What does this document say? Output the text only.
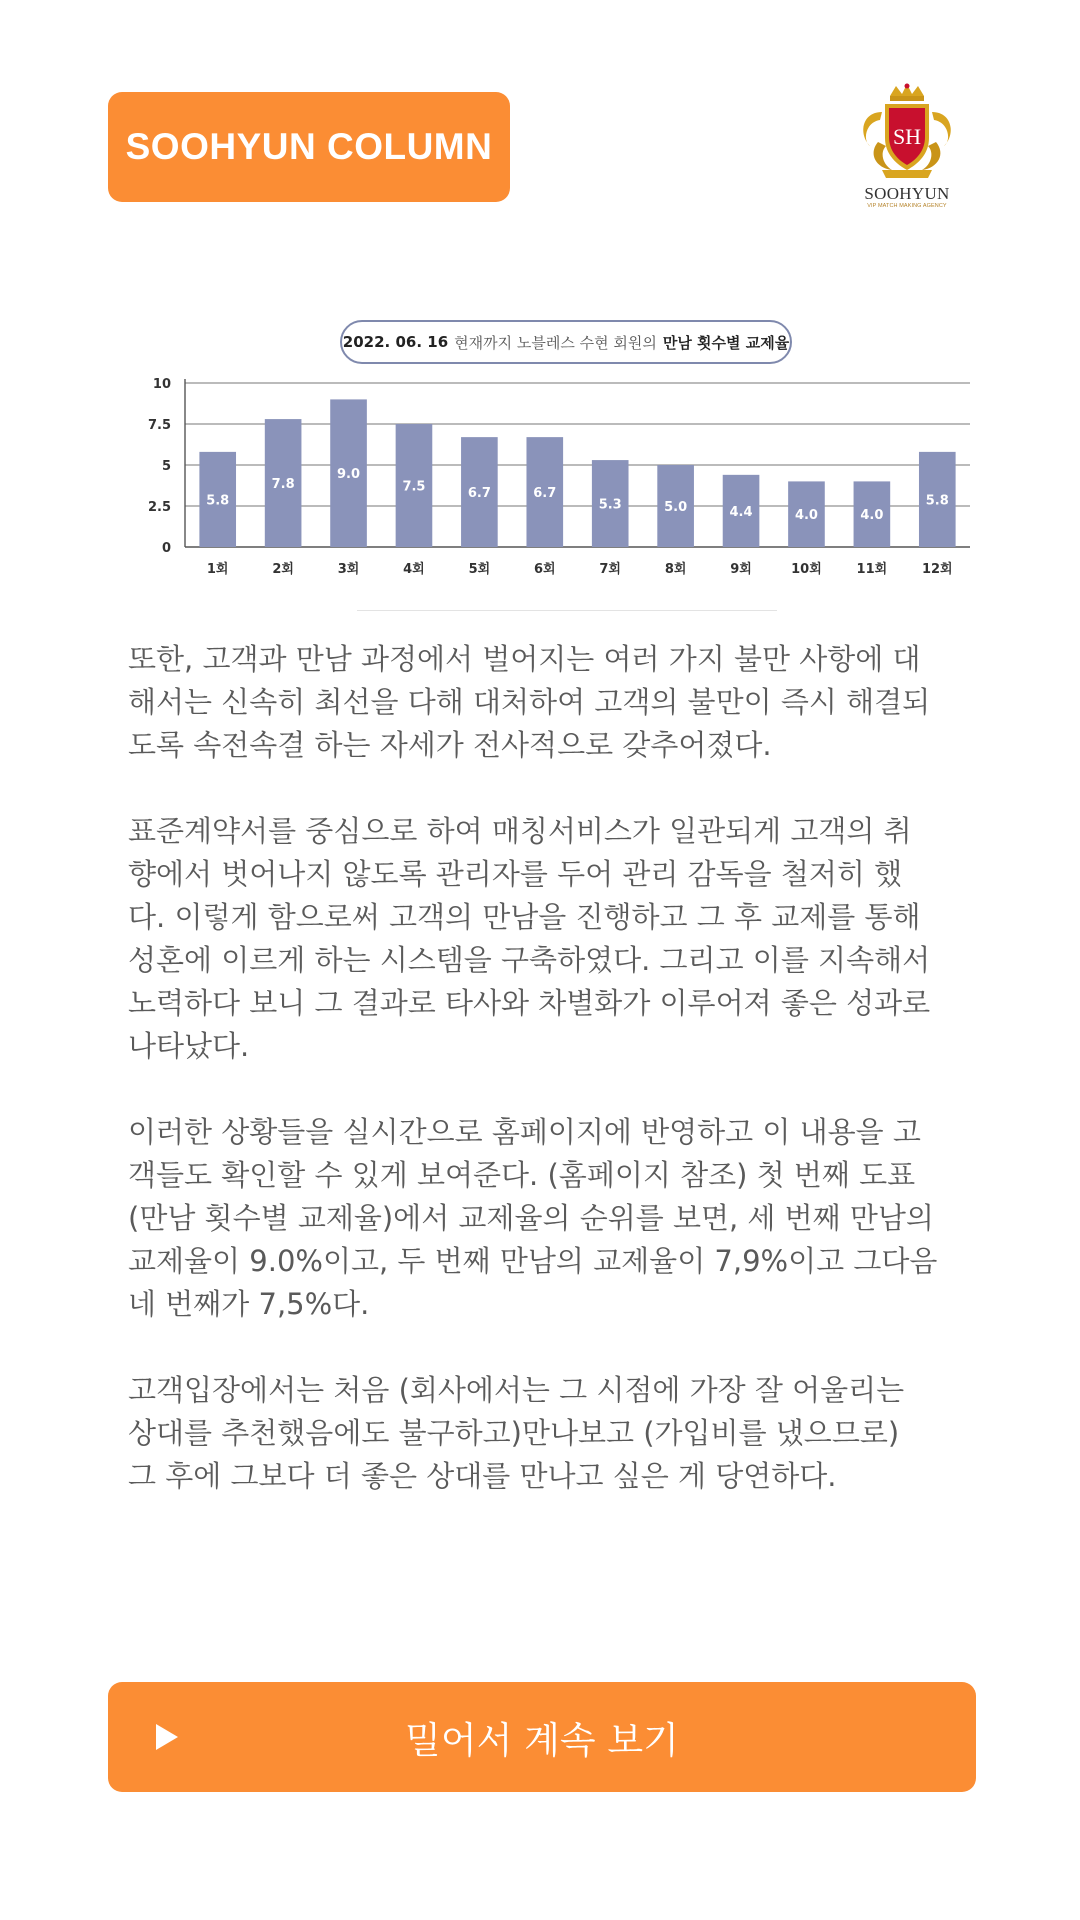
SOOHYUN COLUMN	SH
SOOHYUN
VIP MATCH MAKING AGENCY
0
2.5
5
7.5
10
5.8
1회
7.8
2회
9.0
3회
7.5
4회
6.7
5회
6.7
6회
5.3
7회
5.0
8회
4.4
9회
4.0
10회
4.0
11회
5.8
12회
2022. 06. 16 현재까지 노블레스 수현 회원의 만남 횟수별 교제율

또한, 고객과 만남 과정에서 벌어지는 여러 가지 불만 사항에 대
해서는 신속히 최선을 다해 대처하여 고객의 불만이 즉시 해결되
도록 속전속결 하는 자세가 전사적으로 갖추어졌다.

표준계약서를 중심으로 하여 매칭서비스가 일관되게 고객의 취
향에서 벗어나지 않도록 관리자를 두어 관리 감독을 철저히 했
다. 이렇게 함으로써 고객의 만남을 진행하고 그 후 교제를 통해
성혼에 이르게 하는 시스템을 구축하였다. 그리고 이를 지속해서
노력하다 보니 그 결과로 타사와 차별화가 이루어져 좋은 성과로
나타났다.

이러한 상황들을 실시간으로 홈페이지에 반영하고 이 내용을 고
객들도 확인할 수 있게 보여준다. (홈페이지 참조) 첫 번째 도표
(만남 횟수별 교제율)에서 교제율의 순위를 보면, 세 번째 만남의
교제율이 9.0%이고, 두 번째 만남의 교제율이 7,9%이고 그다음
네 번째가 7,5%다.

고객입장에서는 처음 (회사에서는 그 시점에 가장 잘 어울리는
상대를 추천했음에도 불구하고)만나보고 (가입비를 냈으므로)
그 후에 그보다 더 좋은 상대를 만나고 싶은 게 당연하다.

밀어서 계속 보기
